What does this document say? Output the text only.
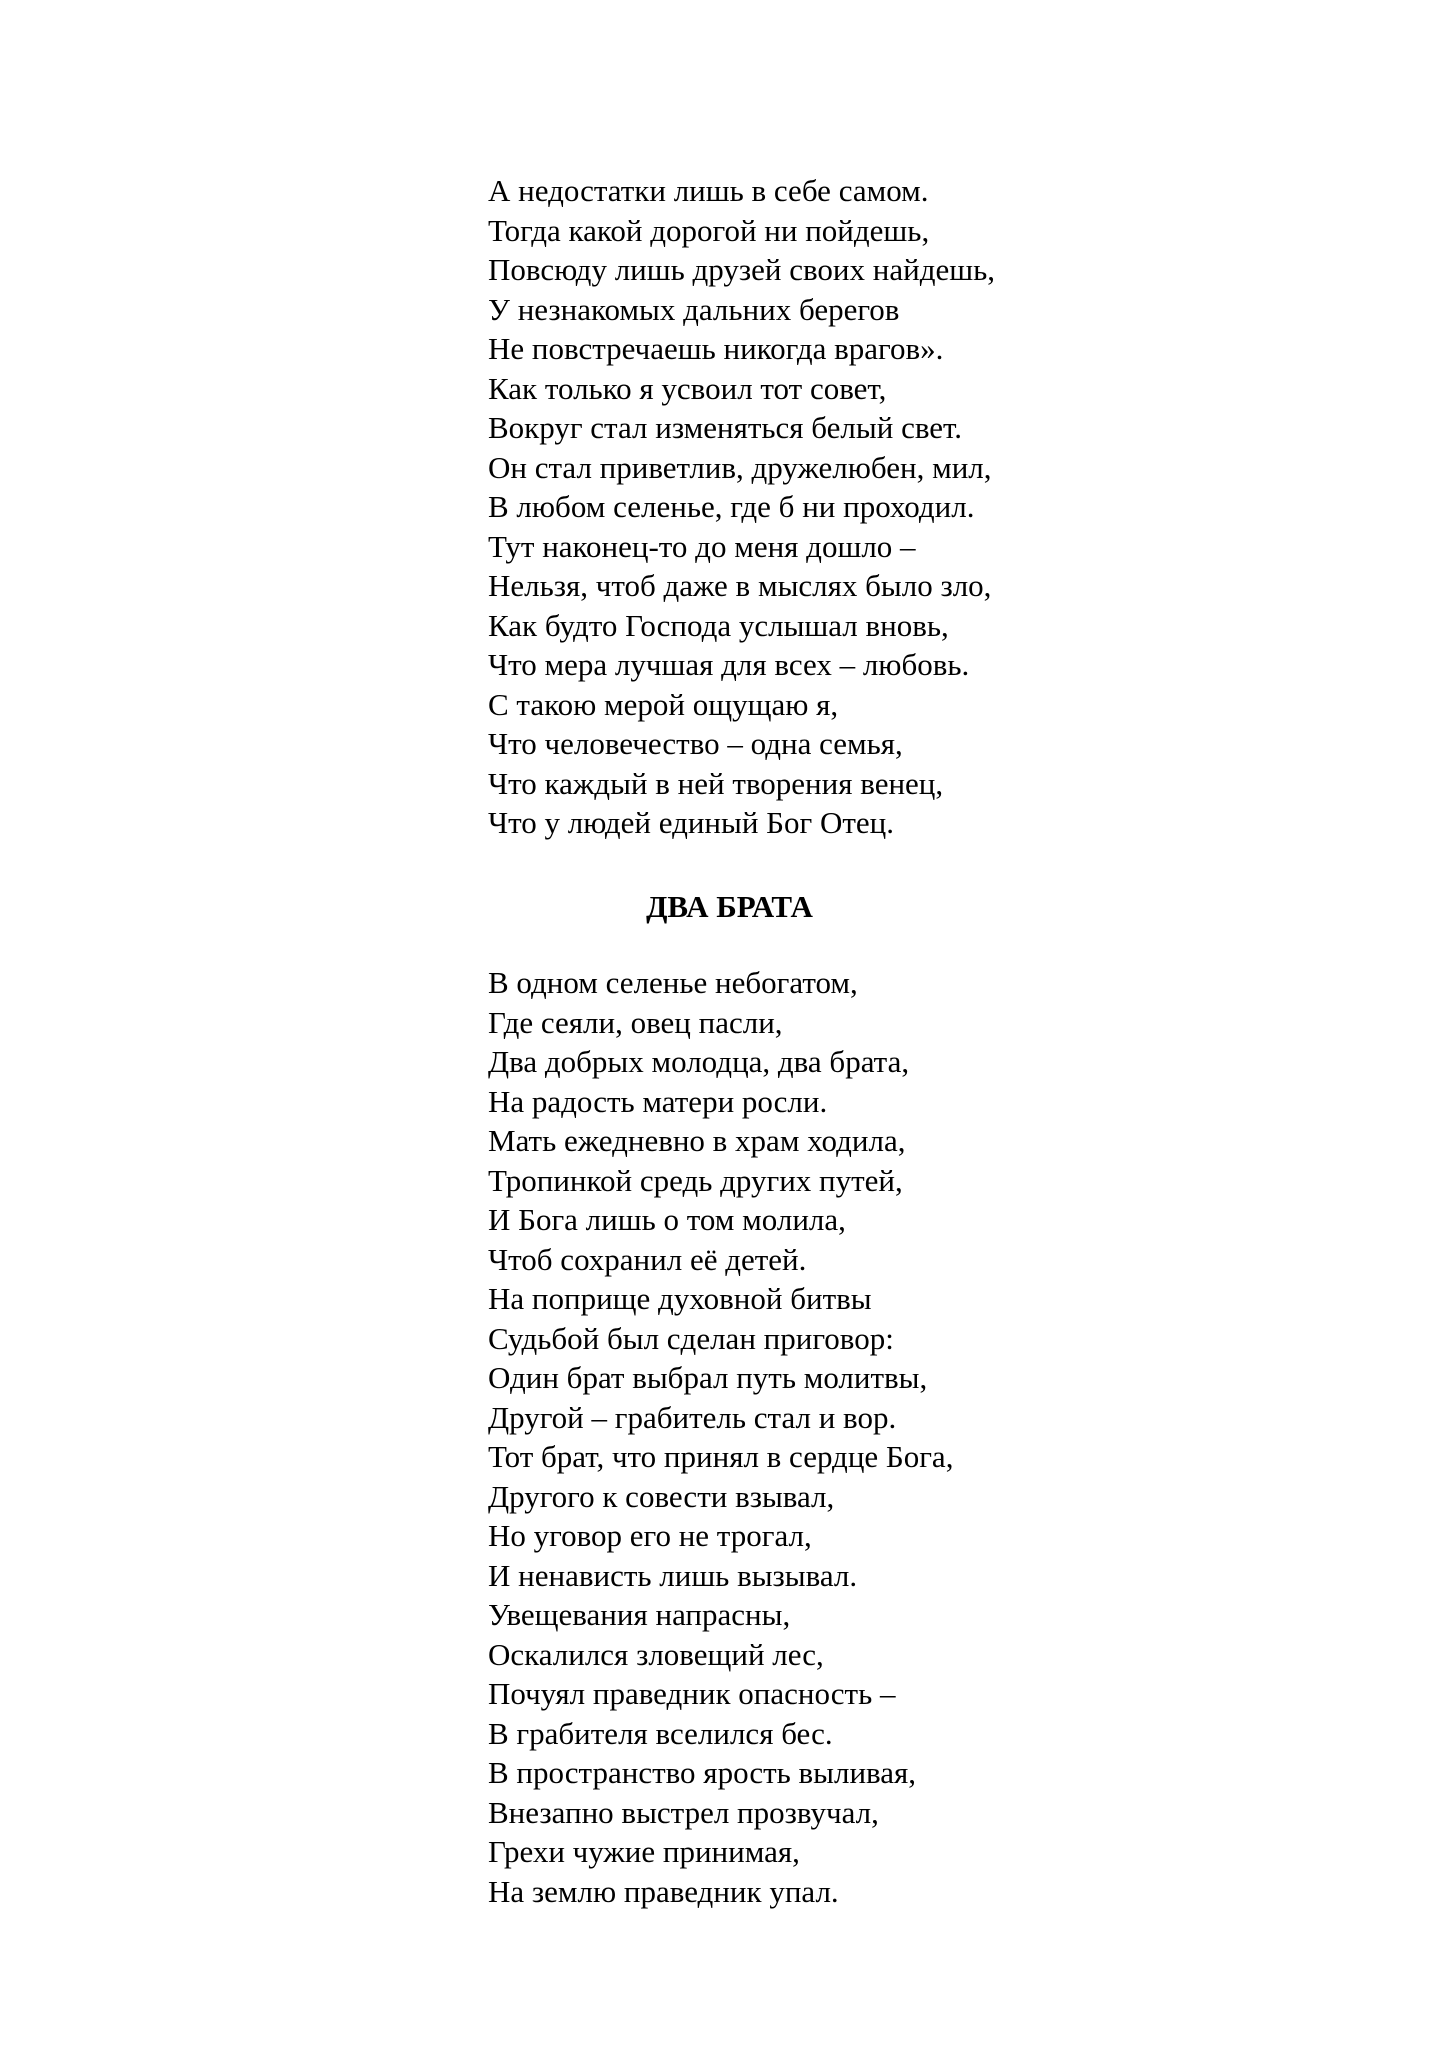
А недостатки лишь в себе самом.
Тогда какой дорогой ни пойдешь,
Повсюду лишь друзей своих найдешь,
У незнакомых дальних берегов
Не повстречаешь никогда врагов».
Как только я усвоил тот совет,
Вокруг стал изменяться белый свет.
Он стал приветлив, дружелюбен, мил,
В любом селенье, где б ни проходил.
Тут наконец-то до меня дошло –
Нельзя, чтоб даже в мыслях было зло,
Как будто Господа услышал вновь,
Что мера лучшая для всех – любовь.
С такою мерой ощущаю я,
Что человечество – одна семья,
Что каждый в ней творения венец,
Что у людей единый Бог Отец.
ДВА БРАТА
В одном селенье небогатом,
Где сеяли, овец пасли,
Два добрых молодца, два брата,
На радость матери росли.
Мать ежедневно в храм ходила,
Тропинкой средь других путей,
И Бога лишь о том молила,
Чтоб сохранил её детей.
На поприще духовной битвы
Судьбой был сделан приговор:
Один брат выбрал путь молитвы,
Другой – грабитель стал и вор.
Тот брат, что принял в сердце Бога,
Другого к совести взывал,
Но уговор его не трогал,
И ненависть лишь вызывал.
Увещевания напрасны,
Оскалился зловещий лес,
Почуял праведник опасность –
В грабителя вселился бес.
В пространство ярость выливая,
Внезапно выстрел прозвучал,
Грехи чужие принимая,
На землю праведник упал.
